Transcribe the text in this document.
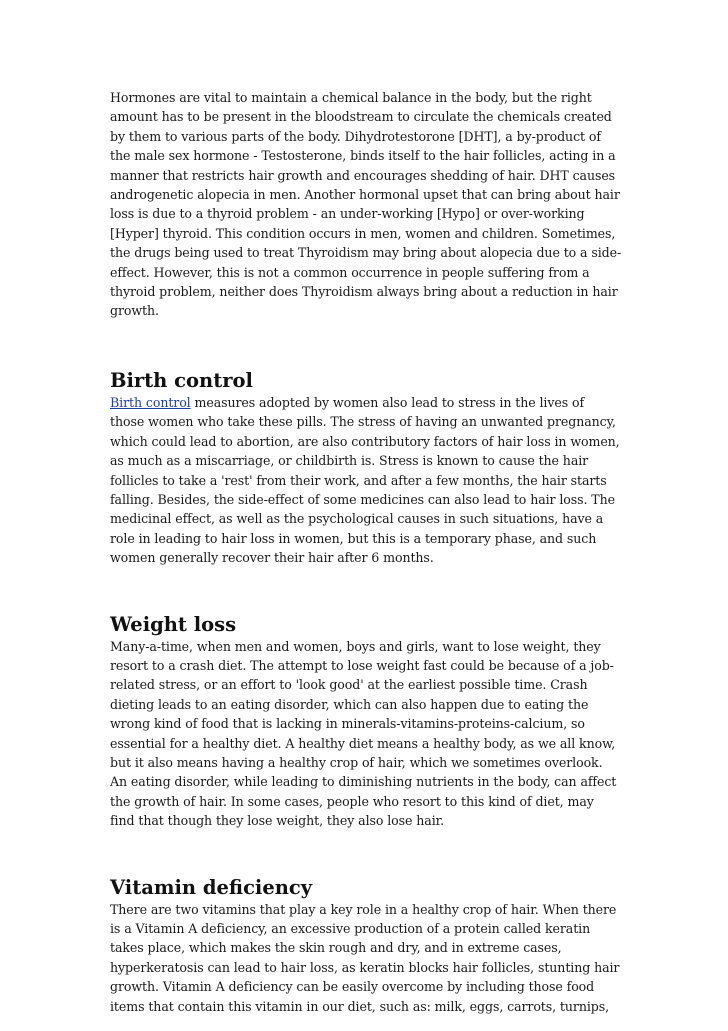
Hormones are vital to maintain a chemical balance in the body, but the right amount has to be present in the bloodstream to circulate the chemicals created by them to various parts of the body. Dihydrotestorone [DHT], a by-product of the male sex hormone - Testosterone, binds itself to the hair follicles, acting in a manner that restricts hair growth and encourages shedding of hair. DHT causes androgenetic alopecia in men. Another hormonal upset that can bring about hair loss is due to a thyroid problem - an under-working [Hypo] or over-working [Hyper] thyroid. This condition occurs in men, women and children. Sometimes, the drugs being used to treat Thyroidism may bring about alopecia due to a side-effect. However, this is not a common occurrence in people suffering from a thyroid problem, neither does Thyroidism always bring about a reduction in hair growth.

Birth control

Birth control measures adopted by women also lead to stress in the lives of those women who take these pills. The stress of having an unwanted pregnancy, which could lead to abortion, are also contributory factors of hair loss in women, as much as a miscarriage, or childbirth is. Stress is known to cause the hair follicles to take a 'rest' from their work, and after a few months, the hair starts falling. Besides, the side-effect of some medicines can also lead to hair loss. The medicinal effect, as well as the psychological causes in such situations, have a role in leading to hair loss in women, but this is a temporary phase, and such women generally recover their hair after 6 months.

Weight loss

Many-a-time, when men and women, boys and girls, want to lose weight, they resort to a crash diet. The attempt to lose weight fast could be because of a job-related stress, or an effort to 'look good' at the earliest possible time. Crash dieting leads to an eating disorder, which can also happen due to eating the wrong kind of food that is lacking in minerals-vitamins-proteins-calcium, so essential for a healthy diet. A healthy diet means a healthy body, as we all know, but it also means having a healthy crop of hair, which we sometimes overlook. An eating disorder, while leading to diminishing nutrients in the body, can affect the growth of hair. In some cases, people who resort to this kind of diet, may find that though they lose weight, they also lose hair.

Vitamin deficiency

There are two vitamins that play a key role in a healthy crop of hair. When there is a Vitamin A deficiency, an excessive production of a protein called keratin takes place, which makes the skin rough and dry, and in extreme cases, hyperkeratosis can lead to hair loss, as keratin blocks hair follicles, stunting hair growth. Vitamin A deficiency can be easily overcome by including those food items that contain this vitamin in our diet, such as: milk, eggs, carrots, turnips,
